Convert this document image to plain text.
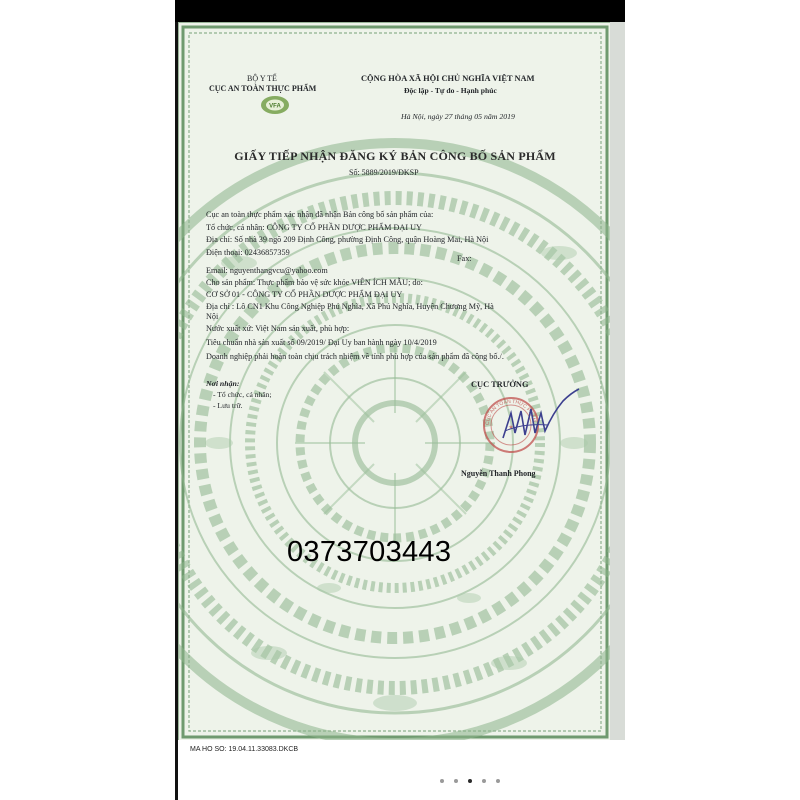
BỘ Y TẾ
CỤC AN TOÀN THỰC PHẨM
VFA
CỘNG HÒA XÃ HỘI CHỦ NGHĨA VIỆT NAM
Độc lập - Tự do - Hạnh phúc
Hà Nội, ngày 27 tháng 05 năm 2019
GIẤY TIẾP NHẬN ĐĂNG KÝ BẢN CÔNG BỐ SẢN PHẨM
Số: 5889/2019/ĐKSP
Cục an toàn thực phẩm xác nhận đã nhận Bản công bố sản phẩm của:
Tổ chức, cá nhân: CÔNG TY CỔ PHẦN DƯỢC PHẨM ĐẠI UY
Địa chỉ: Số nhà 39 ngõ 209 Định Công, phường Định Công, quận Hoàng Mai, Hà Nội
Điện thoại: 02436857359
Fax:
Email: nguyenthangvcu@yahoo.com
Cho sản phẩm: Thực phẩm bảo vệ sức khỏe VIÊN ÍCH MẪU; do:
CƠ SỞ 01 - CÔNG TY CỔ PHẦN DƯỢC PHẨM ĐẠI UY
Địa chỉ : Lô CN1 Khu Công Nghiệp Phú Nghĩa, Xã Phú Nghĩa, Huyện Chương Mỹ, Hà
Nội
Nước xuất xứ: Việt Nam sản xuất, phù hợp:
Tiêu chuẩn nhà sản xuất số 09/2019/ Đại Uy ban hành ngày 10/4/2019
Doanh nghiệp phải hoàn toàn chịu trách nhiệm về tính phù hợp của sản phẩm đã công bố./.
Nơi nhận:
- Tổ chức, cá nhân;
- Lưu trữ.
CỤC TRƯỞNG
CỤC AN TOÀN THỰC PHẨM
★
Nguyễn Thanh Phong
0373703443
MA HO SO: 19.04.11.33083.DKCB
